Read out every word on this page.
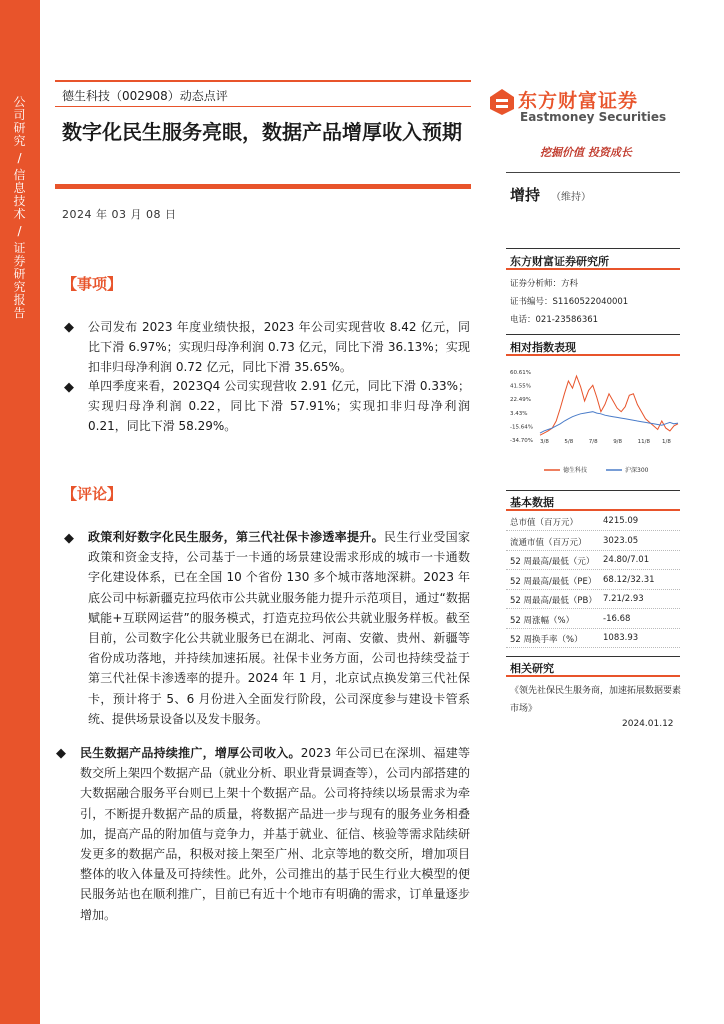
公
司
研
究
/
信
息
技
术
/
证
券
研
究
报
告
德生科技（002908）动态点评
数字化民生服务亮眼，数据产品增厚收入预期
2024 年 03 月 08 日
【事项】
◆ 公司发布 2023 年度业绩快报，2023 年公司实现营收 8.42 亿元，同比下滑 6.97%；实现归母净利润 0.73 亿元，同比下滑 36.13%；实现扣非归母净利润 0.72 亿元，同比下滑 35.65%。
◆ 单四季度来看，2023Q4 公司实现营收 2.91 亿元，同比下滑 0.33%；实现归母净利润 0.22，同比下滑 57.91%；实现扣非归母净利润 0.21，同比下滑 58.29%。
【评论】
◆ 政策利好数字化民生服务，第三代社保卡渗透率提升。民生行业受国家政策和资金支持，公司基于一卡通的场景建设需求形成的城市一卡通数字化建设体系，已在全国 10 个省份 130 多个城市落地深耕。2023 年底公司中标新疆克拉玛依市公共就业服务能力提升示范项目，通过“数据赋能+互联网运营”的服务模式，打造克拉玛依公共就业服务样板。截至目前，公司数字化公共就业服务已在湖北、河南、安徽、贵州、新疆等省份成功落地，并持续加速拓展。社保卡业务方面，公司也持续受益于第三代社保卡渗透率的提升。2024 年 1 月，北京试点换发第三代社保卡，预计将于 5、6 月份进入全面发行阶段，公司深度参与建设卡管系统、提供场景设备以及发卡服务。
◆ 民生数据产品持续推广，增厚公司收入。2023 年公司已在深圳、福建等数交所上架四个数据产品（就业分析、职业背景调查等），公司内部搭建的大数据融合服务平台则已上架十个数据产品。公司将持续以场景需求为牵引，不断提升数据产品的质量，将数据产品进一步与现有的服务业务相叠加，提高产品的附加值与竞争力，并基于就业、征信、核验等需求陆续研发更多的数据产品，积极对接上架至广州、北京等地的数交所，增加项目整体的收入体量及可持续性。此外，公司推出的基于民生行业大模型的便民服务站也在顺利推广，目前已有近十个地市有明确的需求，订单量逐步增加。
东方财富证券
Eastmoney Securities
挖掘价值 投资成长
增持 （维持）
东方财富证券研究所
证券分析师：方科
证书编号：S1160522040001
电话：021-23586361
相对指数表现
60.61%
41.55%
22.49%
3.43%
-15.64%
-34.70% 3/8	5/8	7/8	9/8	11/8 1/8
德生科技	沪深300
基本数据
总市值（百万元）	4215.09
流通市值（百万元） 3023.05
52 周最高/最低（元） 24.80/7.01
52 周最高/最低（PE） 68.12/32.31
52 周最高/最低（PB） 7.21/2.93
52 周涨幅（%）	-16.68
52 周换手率（%） 1083.93
相关研究
《领先社保民生服务商，加速拓展数据要素市场》
2024.01.12
